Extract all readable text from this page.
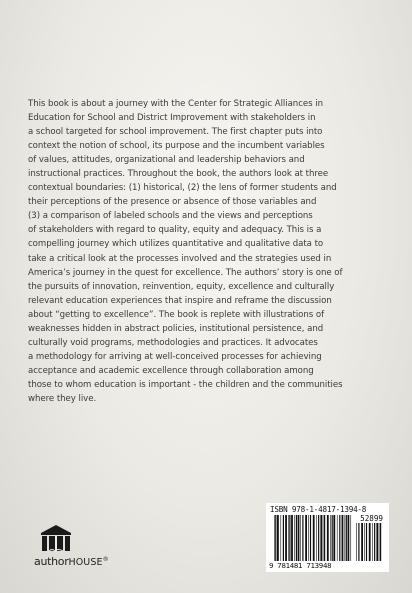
This book is about a journey with the Center for Strategic Alliances in
Education for School and District Improvement with stakeholders in
a school targeted for school improvement. The first chapter puts into
context the notion of school, its purpose and the incumbent variables
of values, attitudes, organizational and leadership behaviors and
instructional practices. Throughout the book, the authors look at three
contextual boundaries: (1) historical, (2) the lens of former students and
their perceptions of the presence or absence of those variables and
(3) a comparison of labeled schools and the views and perceptions
of stakeholders with regard to quality, equity and adequacy. This is a
compelling journey which utilizes quantitative and qualitative data to
take a critical look at the processes involved and the strategies used in
America’s journey in the quest for excellence. The authors’ story is one of
the pursuits of innovation, reinvention, equity, excellence and culturally
relevant education experiences that inspire and reframe the discussion
about “getting to excellence”. The book is replete with illustrations of
weaknesses hidden in abstract policies, institutional persistence, and
culturally void programs, methodologies and practices. It advocates
a methodology for arriving at well-conceived processes for achieving
acceptance and academic excellence through collaboration among
those to whom education is important - the children and the communities
where they live.
authorHOUSE®
ISBN 978-1-4817-1394-8
52899
9 781481 713948
